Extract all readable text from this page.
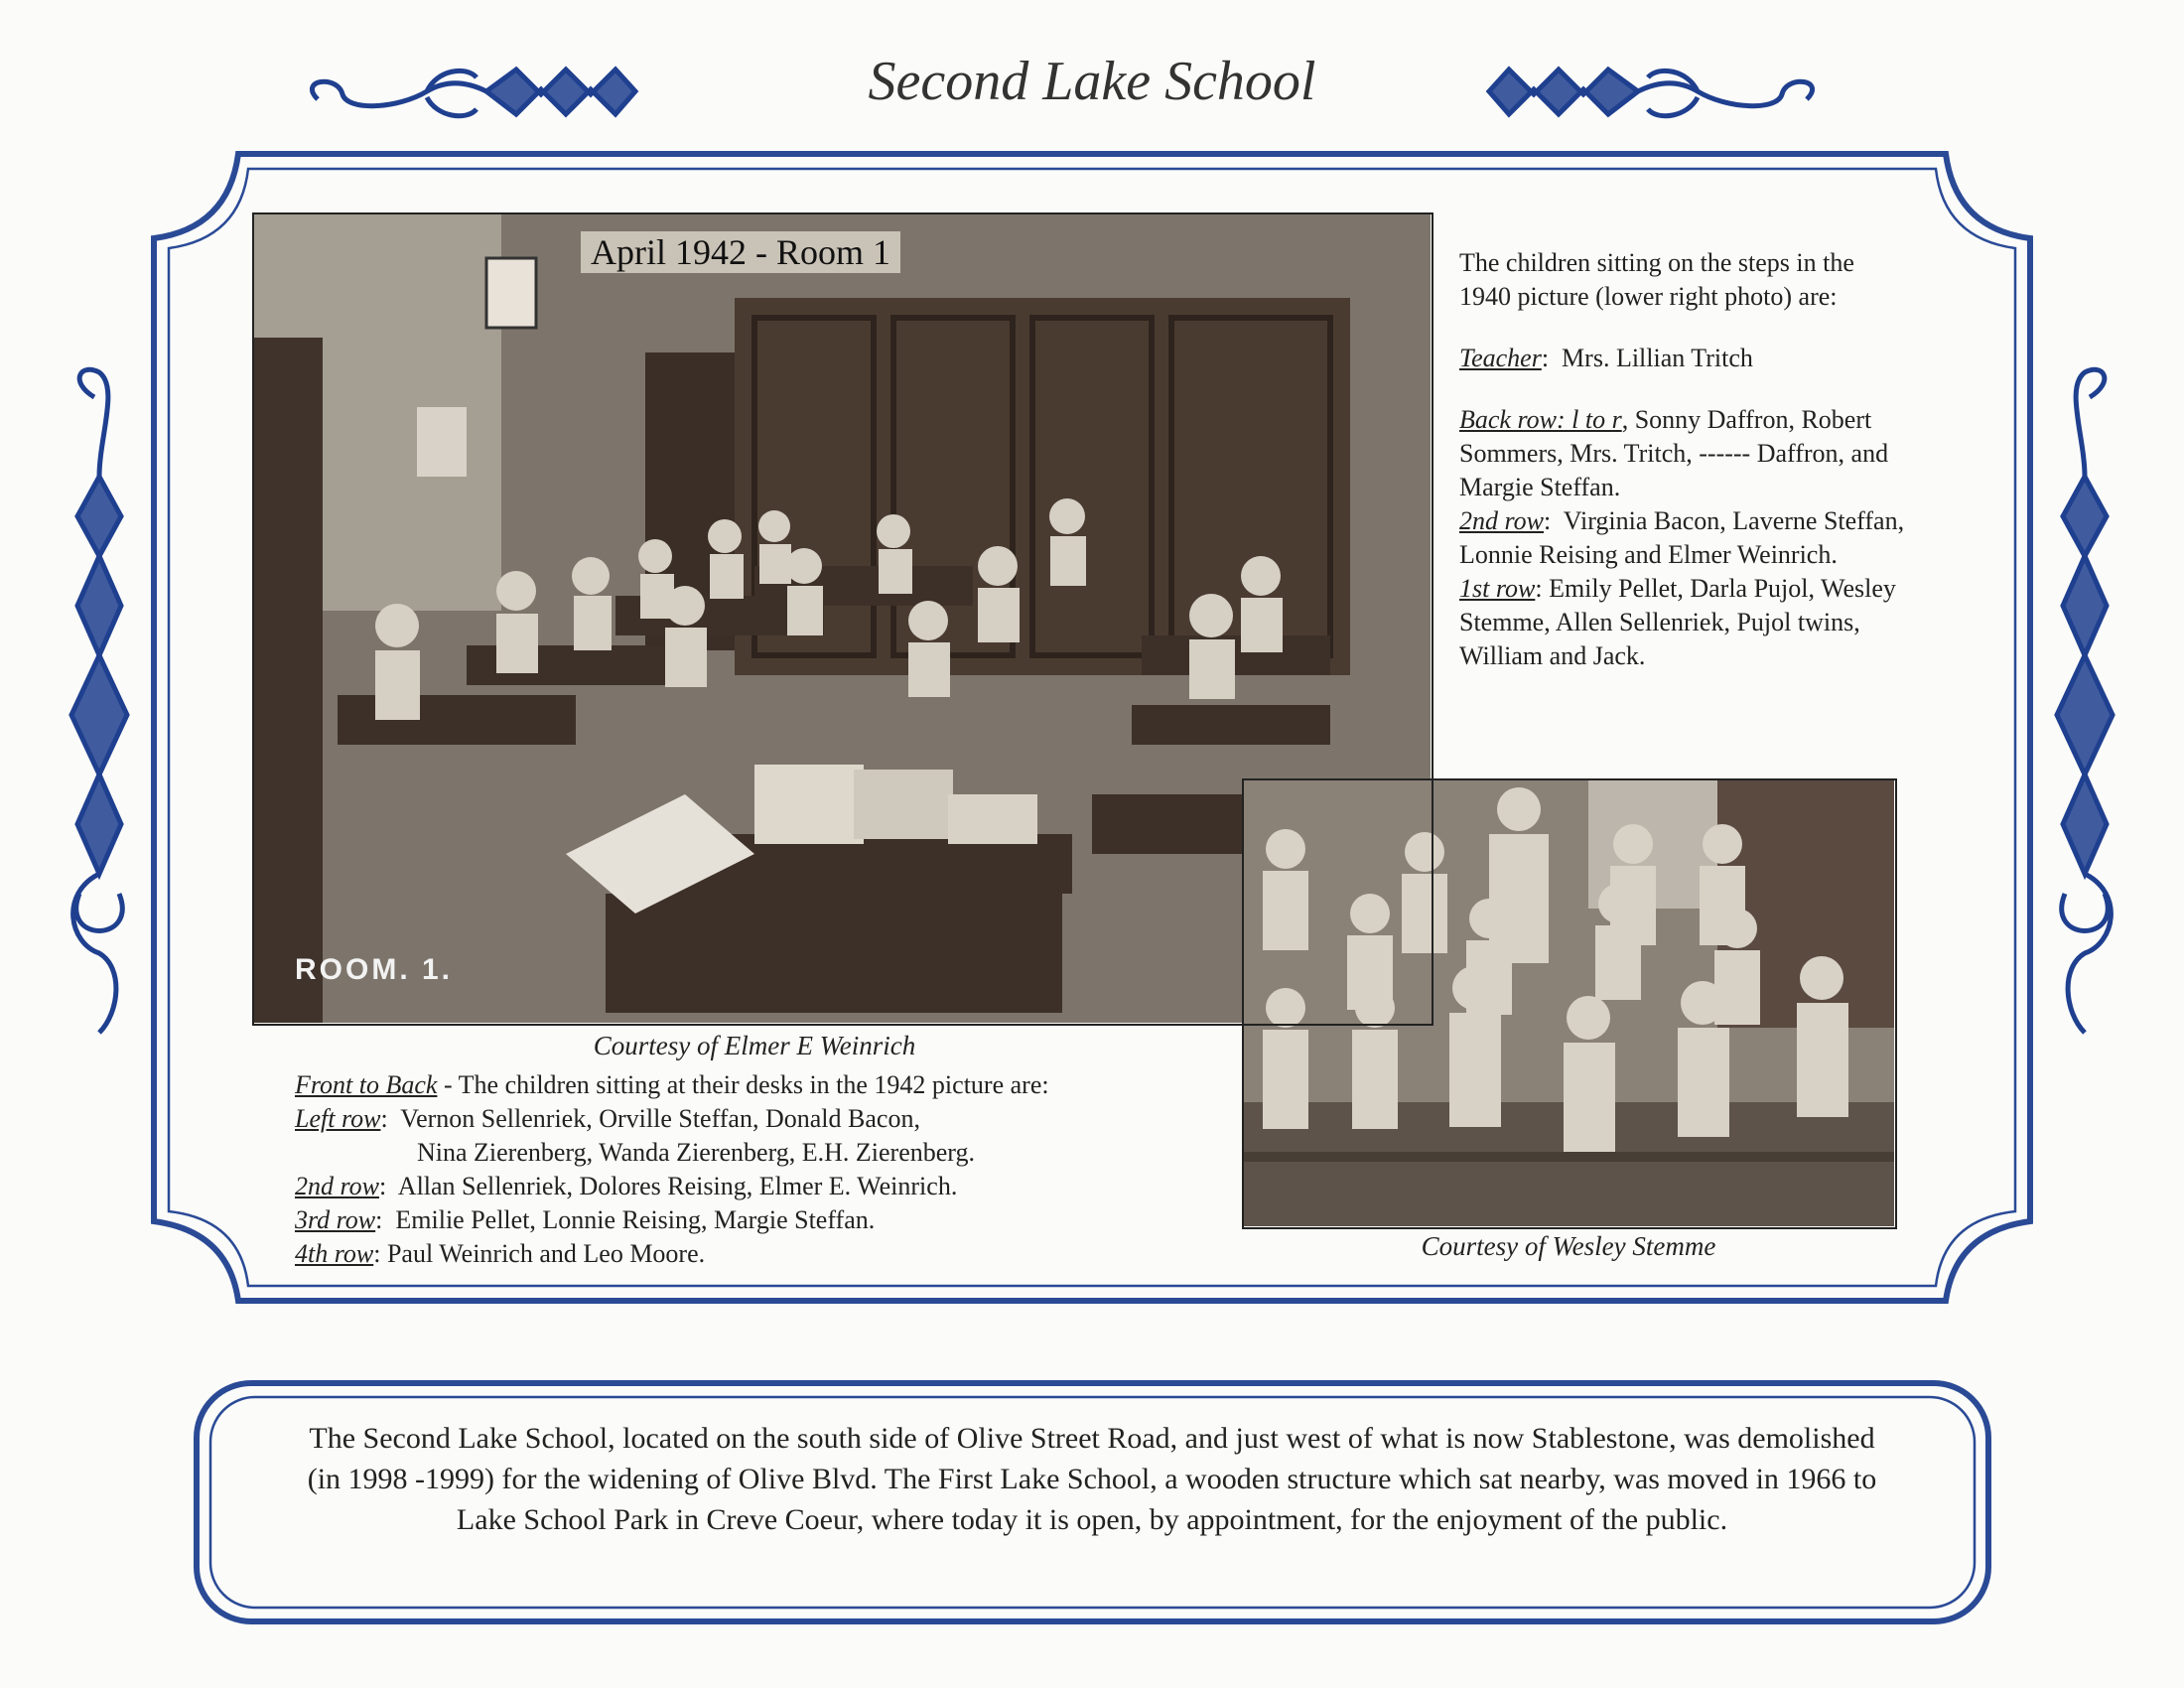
Second Lake School
April 1942 - Room 1
ROOM. 1.
Courtesy of Elmer E Weinrich
Courtesy of Wesley Stemme

The children sitting on the steps in the 1940 picture (lower right photo) are:

Teacher:  Mrs. Lillian Tritch

Back row: l to r, Sonny Daffron, Robert Sommers, Mrs. Tritch, ------ Daffron, and Margie Steffan.
2nd row:  Virginia Bacon, Laverne Steffan, Lonnie Reising and Elmer Weinrich.
1st row: Emily Pellet, Darla Pujol, Wesley Stemme, Allen Sellenriek, Pujol twins, William and Jack.
Front to Back - The children sitting at their desks in the 1942 picture are:
Left row:  Vernon Sellenriek, Orville Steffan, Donald Bacon,
Nina Zierenberg, Wanda Zierenberg, E.H. Zierenberg.
2nd row:  Allan Sellenriek, Dolores Reising, Elmer E. Weinrich.
3rd row:  Emilie Pellet, Lonnie Reising, Margie Steffan.
4th row: Paul Weinrich and Leo Moore.
The Second Lake School, located on the south side of Olive Street Road, and just west of what is now Stablestone, was demolished (in 1998 -1999) for the widening of Olive Blvd. The First Lake School, a wooden structure which sat nearby, was moved in 1966 to Lake School Park in Creve Coeur, where today it is open, by appointment, for the enjoyment of the public.
